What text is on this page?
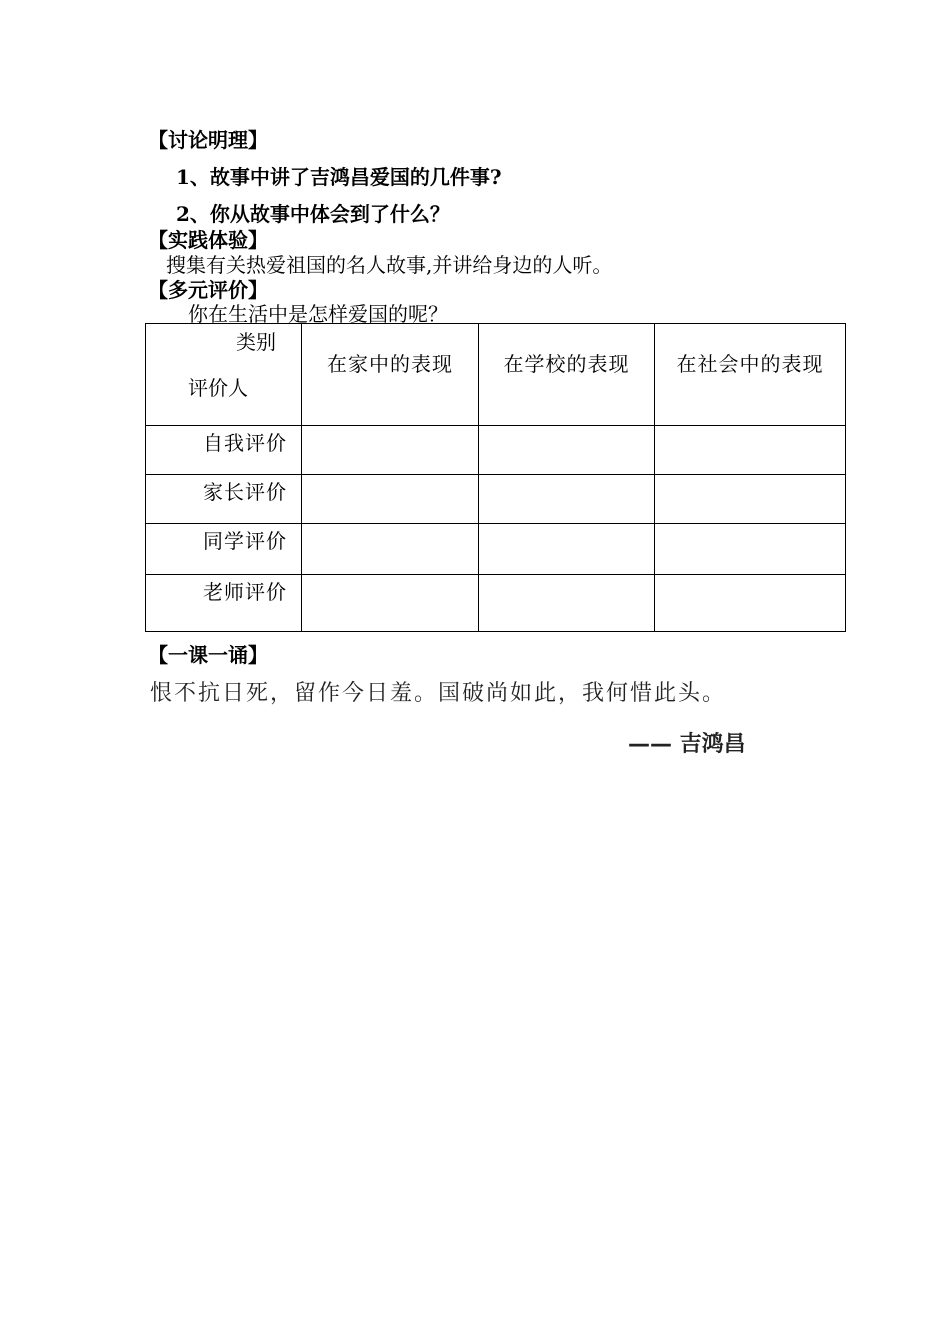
【讨论明理】
1、故事中讲了吉鸿昌爱国的几件事?
2、你从故事中体会到了什么？
【实践体验】
搜集有关热爱祖国的名人故事,并讲给身边的人听。
【多元评价】
你在生活中是怎样爱国的呢？
类别
评价人	在家中的表现	在学校的表现	在社会中的表现
自我评价			
家长评价			
同学评价			
老师评价			
【一课一诵】
恨不抗日死，留作今日羞。国破尚如此，我何惜此头。
—— 吉鸿昌
